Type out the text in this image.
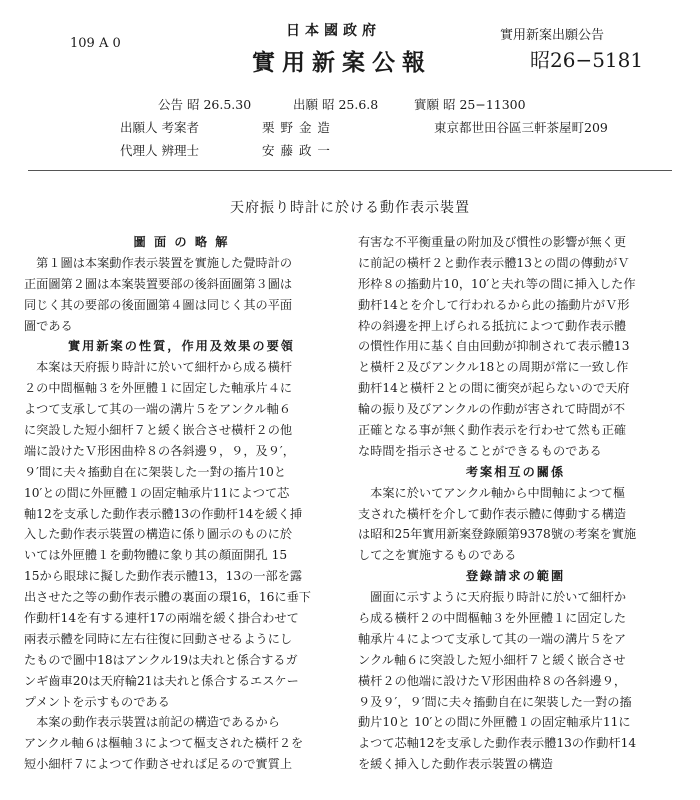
109 A 0
日本國政府
實用新案公報
實用新案出願公告
昭26−5181
公告 昭 26.5.30	出願 昭 25.6.8	實願 昭 25−11300
出願人 考案者	栗 野 金 造	東京都世田谷區三軒茶屋町209
代理人 辨理士	安 藤 政 一
天府振り時計に於ける動作表示裝置
圖 面 の 略 解
　第１圖は本案動作表示裝置を實施した覺時計の
正面圖第２圖は本案裝置要部の後斜面圖第３圖は
同じく其の要部の後面圖第４圖は同じく其の平面
圖である
實用新案の性質，作用及效果の要領
　本案は天府振り時計に於いて細杆から成る橫杆
２の中間樞軸３を外匣體１に固定した軸承片４に
よつて支承して其の一端の溝片５をアンクル軸６
に突設した短小細杆７と緩く嵌合させ橫杆２の他
端に設けたＶ形困曲枠８の各斜邊９，９，及９′，
９′間に夫々搐動自在に架裝した一對の搐片10と
10′との間に外匣體１の固定軸承片11によつて芯
軸12を支承した動作表示體13の作動杆14を緩く挿
入した動作表示裝置の構造に係り圖示のものに於
いては外匣體１を動物體に象り其の顏面開孔 15
15から眼球に擬した動作表示體13，13の一部を露
出させた之等の動作表示體の裏面の環16，16に垂下
作動杆14を有する連杆17の兩端を緩く掛合わせて
兩表示體を同時に左右往復に回動させるようにし
たもので圖中18はアンクル19は夫れと係合するガ
ンギ齒車20は天府輪21は夫れと係合するエスケー
プメントを示すものである
　本案の動作表示裝置は前記の構造であるから
アンクル軸６は樞軸３によつて樞支された橫杆２を
短小細杆７によつて作動させれば足るので實質上
有害な不平衡重量の附加及び慣性の影響が無く更
に前記の橫杆２と動作表示體13との間の傳動がＶ
形枠８の搐動片10，10′と夫れ等の間に挿入した作
動杆14とを介して行われるから此の搐動片がＶ形
枠の斜邊を押上げられる抵抗によつて動作表示體
の慣性作用に基く自由回動が抑制されて表示體13
と橫杆２及びアンクル18との周期が常に一致し作
動杆14と橫杆２との間に衝突が起らないので天府
輪の振り及びアンクルの作動が害されて時間が不
正確となる事が無く動作表示を行わせて然も正確
な時間を指示させることができるものである
考案相互の關係
　本案に於いてアンクル軸から中間軸によつて樞
支された橫杆を介して動作表示體に傳動する構造
は昭和25年實用新案登錄願第9378號の考案を實施
して之を實施するものである
登錄請求の範圍
　圖面に示すように天府振り時計に於いて細杆か
ら成る橫杆２の中間樞軸３を外匣體１に固定した
軸承片４によつて支承して其の一端の溝片５をア
ンクル軸６に突設した短小細杆７と緩く嵌合させ
橫杆２の他端に設けたＶ形困曲枠８の各斜邊９，
９及９′，９′間に夫々搐動自在に架裝した一對の搐
動片10と 10′との間に外匣體１の固定軸承片11に
よつて芯軸12を支承した動作表示體13の作動杆14
を緩く挿入した動作表示裝置の構造
